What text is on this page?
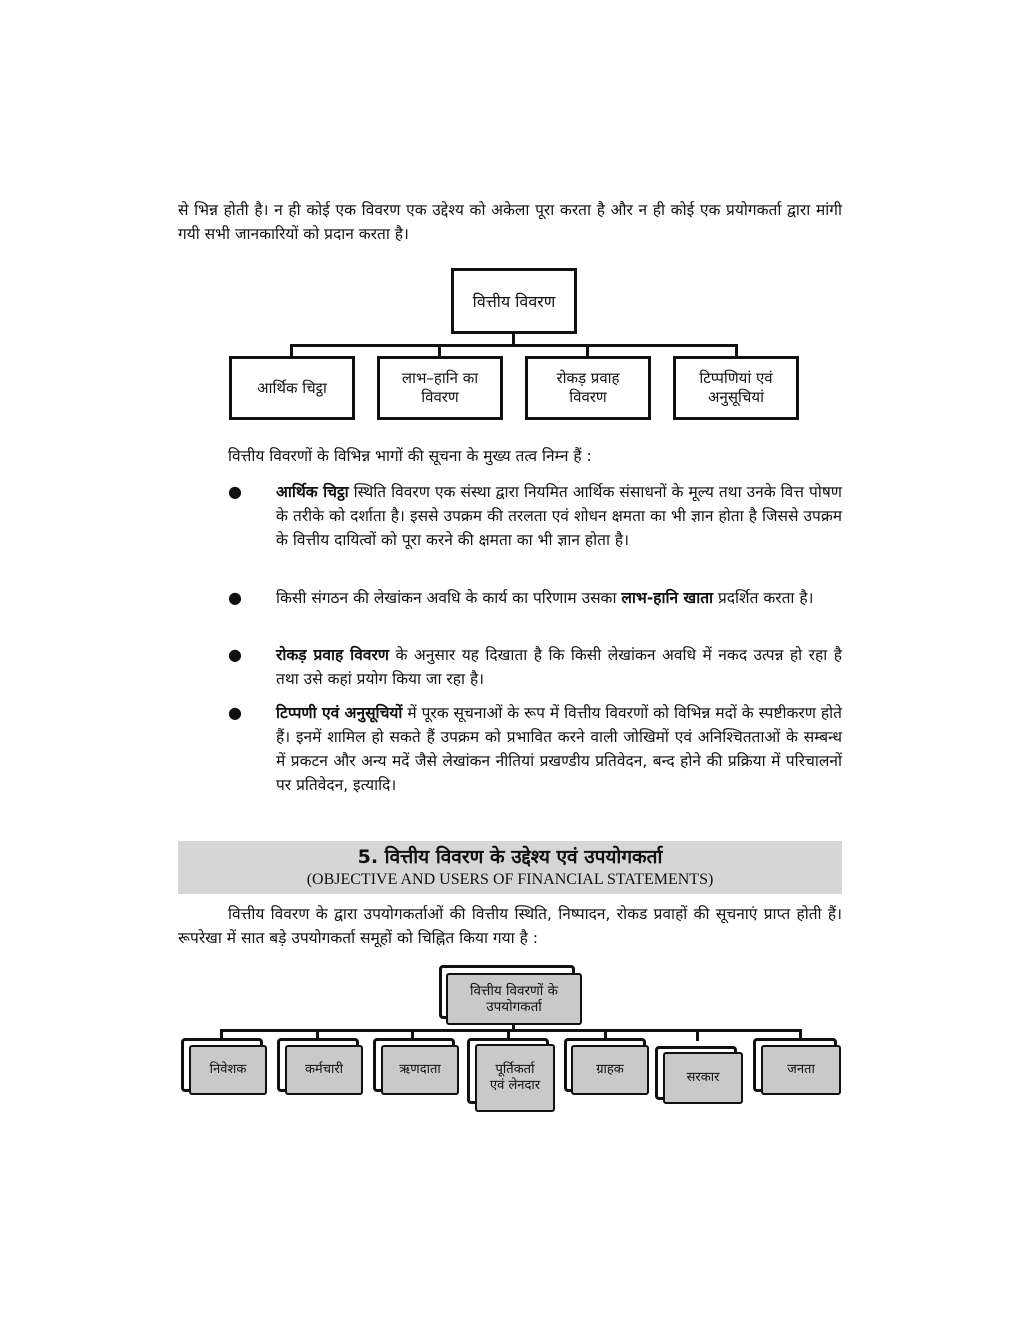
से भिन्न होती है। न ही कोई एक विवरण एक उद्देश्य को अकेला पूरा करता है और न ही कोई एक प्रयोगकर्ता द्वारा मांगी गयी सभी जानकारियों को प्रदान करता है।
वित्तीय विवरण
आर्थिक चिट्ठा
लाभ–हानि का विवरण
रोकड़ प्रवाह विवरण
टिप्पणियां एवं अनुसूचियां
वित्तीय विवरणों के विभिन्न भागों की सूचना के मुख्य तत्व निम्न हैं :
● आर्थिक चिट्ठा स्थिति विवरण एक संस्था द्वारा नियमित आर्थिक संसाधनों के मूल्य तथा उनके वित्त पोषण के तरीके को दर्शाता है। इससे उपक्रम की तरलता एवं शोधन क्षमता का भी ज्ञान होता है जिससे उपक्रम के वित्तीय दायित्वों को पूरा करने की क्षमता का भी ज्ञान होता है।
● किसी संगठन की लेखांकन अवधि के कार्य का परिणाम उसका लाभ-हानि खाता प्रदर्शित करता है।
● रोकड़ प्रवाह विवरण के अनुसार यह दिखाता है कि किसी लेखांकन अवधि में नकद उत्पन्न हो रहा है तथा उसे कहां प्रयोग किया जा रहा है।
● टिप्पणी एवं अनुसूचियों में पूरक सूचनाओं के रूप में वित्तीय विवरणों को विभिन्न मदों के स्पष्टीकरण होते हैं। इनमें शामिल हो सकते हैं उपक्रम को प्रभावित करने वाली जोखिमों एवं अनिश्चितताओं के सम्बन्ध में प्रकटन और अन्य मदें जैसे लेखांकन नीतियां प्रखण्डीय प्रतिवेदन, बन्द होने की प्रक्रिया में परिचालनों पर प्रतिवेदन, इत्यादि।
5. वित्तीय विवरण के उद्देश्य एवं उपयोगकर्ता
(OBJECTIVE AND USERS OF FINANCIAL STATEMENTS)
वित्तीय विवरण के द्वारा उपयोगकर्ताओं की वित्तीय स्थिति, निष्पादन, रोकड प्रवाहों की सूचनाएं प्राप्त होती हैं। रूपरेखा में सात बड़े उपयोगकर्ता समूहों को चिह्नित किया गया है :
वित्तीय विवरणों के उपयोगकर्ता
निवेशक	कर्मचारी	ऋणदाता	पूर्तिकर्ता एवं लेनदार
ग्राहक
सरकार
जनता
